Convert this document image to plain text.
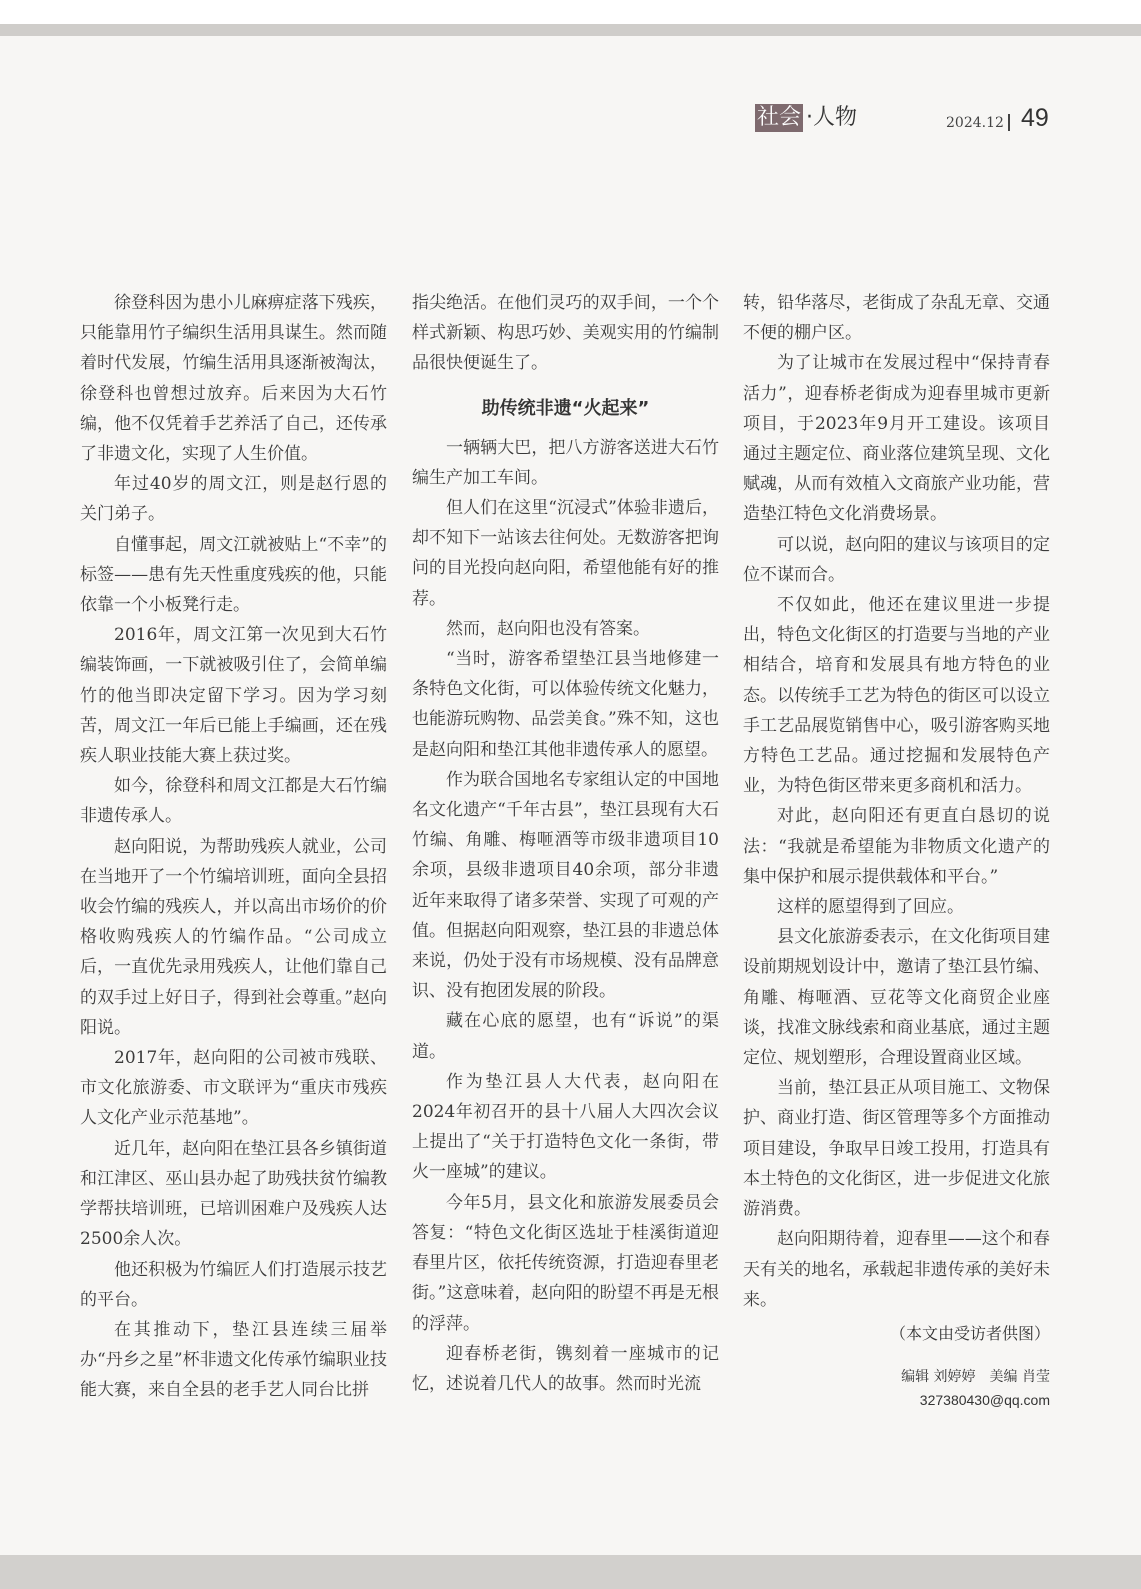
社会 ·人物	2024.12 49

徐登科因为患小儿麻痹症落下残疾，只能靠用竹子编织生活用具谋生。然而随着时代发展，竹编生活用具逐渐被淘汰，徐登科也曾想过放弃。后来因为大石竹编，他不仅凭着手艺养活了自己，还传承了非遗文化，实现了人生价值。

年过40岁的周文江，则是赵行恩的关门弟子。

自懂事起，周文江就被贴上“不幸”的标签——患有先天性重度残疾的他，只能依靠一个小板凳行走。

2016年，周文江第一次见到大石竹编装饰画，一下就被吸引住了，会简单编竹的他当即决定留下学习。因为学习刻苦，周文江一年后已能上手编画，还在残疾人职业技能大赛上获过奖。

如今，徐登科和周文江都是大石竹编非遗传承人。

赵向阳说，为帮助残疾人就业，公司在当地开了一个竹编培训班，面向全县招收会竹编的残疾人，并以高出市场价的价格收购残疾人的竹编作品。“公司成立后，一直优先录用残疾人，让他们靠自己的双手过上好日子，得到社会尊重。”赵向阳说。

2017年，赵向阳的公司被市残联、市文化旅游委、市文联评为“重庆市残疾人文化产业示范基地”。

近几年，赵向阳在垫江县各乡镇街道和江津区、巫山县办起了助残扶贫竹编教学帮扶培训班，已培训困难户及残疾人达2500余人次。

他还积极为竹编匠人们打造展示技艺的平台。

在其推动下，垫江县连续三届举办“丹乡之星”杯非遗文化传承竹编职业技能大赛，来自全县的老手艺人同台比拼

指尖绝活。在他们灵巧的双手间，一个个样式新颖、构思巧妙、美观实用的竹编制品很快便诞生了。

助传统非遗“火起来”

一辆辆大巴，把八方游客送进大石竹编生产加工车间。

但人们在这里“沉浸式”体验非遗后，却不知下一站该去往何处。无数游客把询问的目光投向赵向阳，希望他能有好的推荐。

然而，赵向阳也没有答案。

“当时，游客希望垫江县当地修建一条特色文化街，可以体验传统文化魅力，也能游玩购物、品尝美食。”殊不知，这也是赵向阳和垫江其他非遗传承人的愿望。

作为联合国地名专家组认定的中国地名文化遗产“千年古县”，垫江县现有大石竹编、角雕、梅咂酒等市级非遗项目10余项，县级非遗项目40余项，部分非遗近年来取得了诸多荣誉、实现了可观的产值。但据赵向阳观察，垫江县的非遗总体来说，仍处于没有市场规模、没有品牌意识、没有抱团发展的阶段。

藏在心底的愿望，也有“诉说”的渠道。

作为垫江县人大代表，赵向阳在2024年初召开的县十八届人大四次会议上提出了“关于打造特色文化一条街，带火一座城”的建议。

今年5月，县文化和旅游发展委员会答复：“特色文化街区选址于桂溪街道迎春里片区，依托传统资源，打造迎春里老街。”这意味着，赵向阳的盼望不再是无根的浮萍。

迎春桥老街，镌刻着一座城市的记忆，述说着几代人的故事。然而时光流

转，铅华落尽，老街成了杂乱无章、交通不便的棚户区。

为了让城市在发展过程中“保持青春活力”，迎春桥老街成为迎春里城市更新项目，于2023年9月开工建设。该项目通过主题定位、商业落位建筑呈现、文化赋魂，从而有效植入文商旅产业功能，营造垫江特色文化消费场景。

可以说，赵向阳的建议与该项目的定位不谋而合。

不仅如此，他还在建议里进一步提出，特色文化街区的打造要与当地的产业相结合，培育和发展具有地方特色的业态。以传统手工艺为特色的街区可以设立手工艺品展览销售中心，吸引游客购买地方特色工艺品。通过挖掘和发展特色产业，为特色街区带来更多商机和活力。

对此，赵向阳还有更直白恳切的说法：“我就是希望能为非物质文化遗产的集中保护和展示提供载体和平台。”

这样的愿望得到了回应。

县文化旅游委表示，在文化街项目建设前期规划设计中，邀请了垫江县竹编、角雕、梅咂酒、豆花等文化商贸企业座谈，找准文脉线索和商业基底，通过主题定位、规划塑形，合理设置商业区域。

当前，垫江县正从项目施工、文物保护、商业打造、街区管理等多个方面推动项目建设，争取早日竣工投用，打造具有本土特色的文化街区，进一步促进文化旅游消费。

赵向阳期待着，迎春里——这个和春天有关的地名，承载起非遗传承的美好未来。

（本文由受访者供图）
编辑 刘婷婷　美编 肖莹
327380430@qq.com
